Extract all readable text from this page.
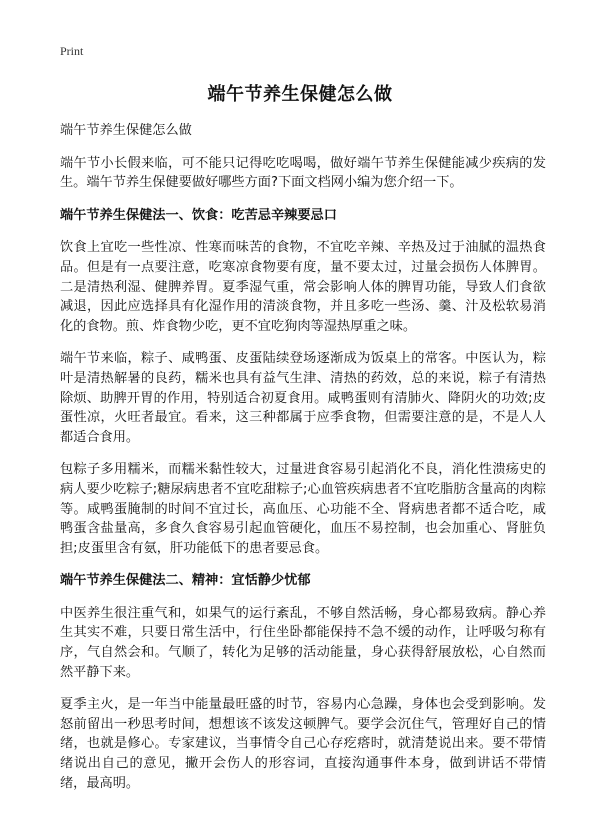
Print
端午节养生保健怎么做

端午节养生保健怎么做

端午节小长假来临，可不能只记得吃吃喝喝，做好端午节养生保健能减少疾病的发生。端午节养生保健要做好哪些方面?下面文档网小编为您介绍一下。

端午节养生保健法一、饮食：吃苦忌辛辣要忌口

饮食上宜吃一些性凉、性寒而味苦的食物，不宜吃辛辣、辛热及过于油腻的温热食品。但是有一点要注意，吃寒凉食物要有度，量不要太过，过量会损伤人体脾胃。二是清热利湿、健脾养胃。夏季湿气重，常会影响人体的脾胃功能，导致人们食欲减退，因此应选择具有化湿作用的清淡食物，并且多吃一些汤、羹、汁及松软易消化的食物。煎、炸食物少吃，更不宜吃狗肉等湿热厚重之味。

端午节来临，粽子、咸鸭蛋、皮蛋陆续登场逐渐成为饭桌上的常客。中医认为，粽叶是清热解暑的良药，糯米也具有益气生津、清热的药效，总的来说，粽子有清热除烦、助脾开胃的作用，特别适合初夏食用。咸鸭蛋则有清肺火、降阴火的功效;皮蛋性凉，火旺者最宜。看来，这三种都属于应季食物，但需要注意的是，不是人人都适合食用。

包粽子多用糯米，而糯米黏性较大，过量进食容易引起消化不良，消化性溃疡史的病人要少吃粽子;糖尿病患者不宜吃甜粽子;心血管疾病患者不宜吃脂肪含量高的肉粽等。咸鸭蛋腌制的时间不宜过长，高血压、心功能不全、肾病患者都不适合吃，咸鸭蛋含盐量高，多食久食容易引起血管硬化，血压不易控制，也会加重心、肾脏负担;皮蛋里含有氨，肝功能低下的患者要忌食。

端午节养生保健法二、精神：宜恬静少忧郁

中医养生很注重气和，如果气的运行紊乱，不够自然活畅，身心都易致病。静心养生其实不难，只要日常生活中，行住坐卧都能保持不急不缓的动作，让呼吸匀称有序，气自然会和。气顺了，转化为足够的活动能量，身心获得舒展放松，心自然而然平静下来。

夏季主火，是一年当中能量最旺盛的时节，容易内心急躁，身体也会受到影响。发怒前留出一秒思考时间，想想该不该发这顿脾气。要学会沉住气，管理好自己的情绪，也就是修心。专家建议，当事情令自己心存疙瘩时，就清楚说出来。要不带情绪说出自己的意见，撇开会伤人的形容词，直接沟通事件本身，做到讲话不带情绪，最高明。
